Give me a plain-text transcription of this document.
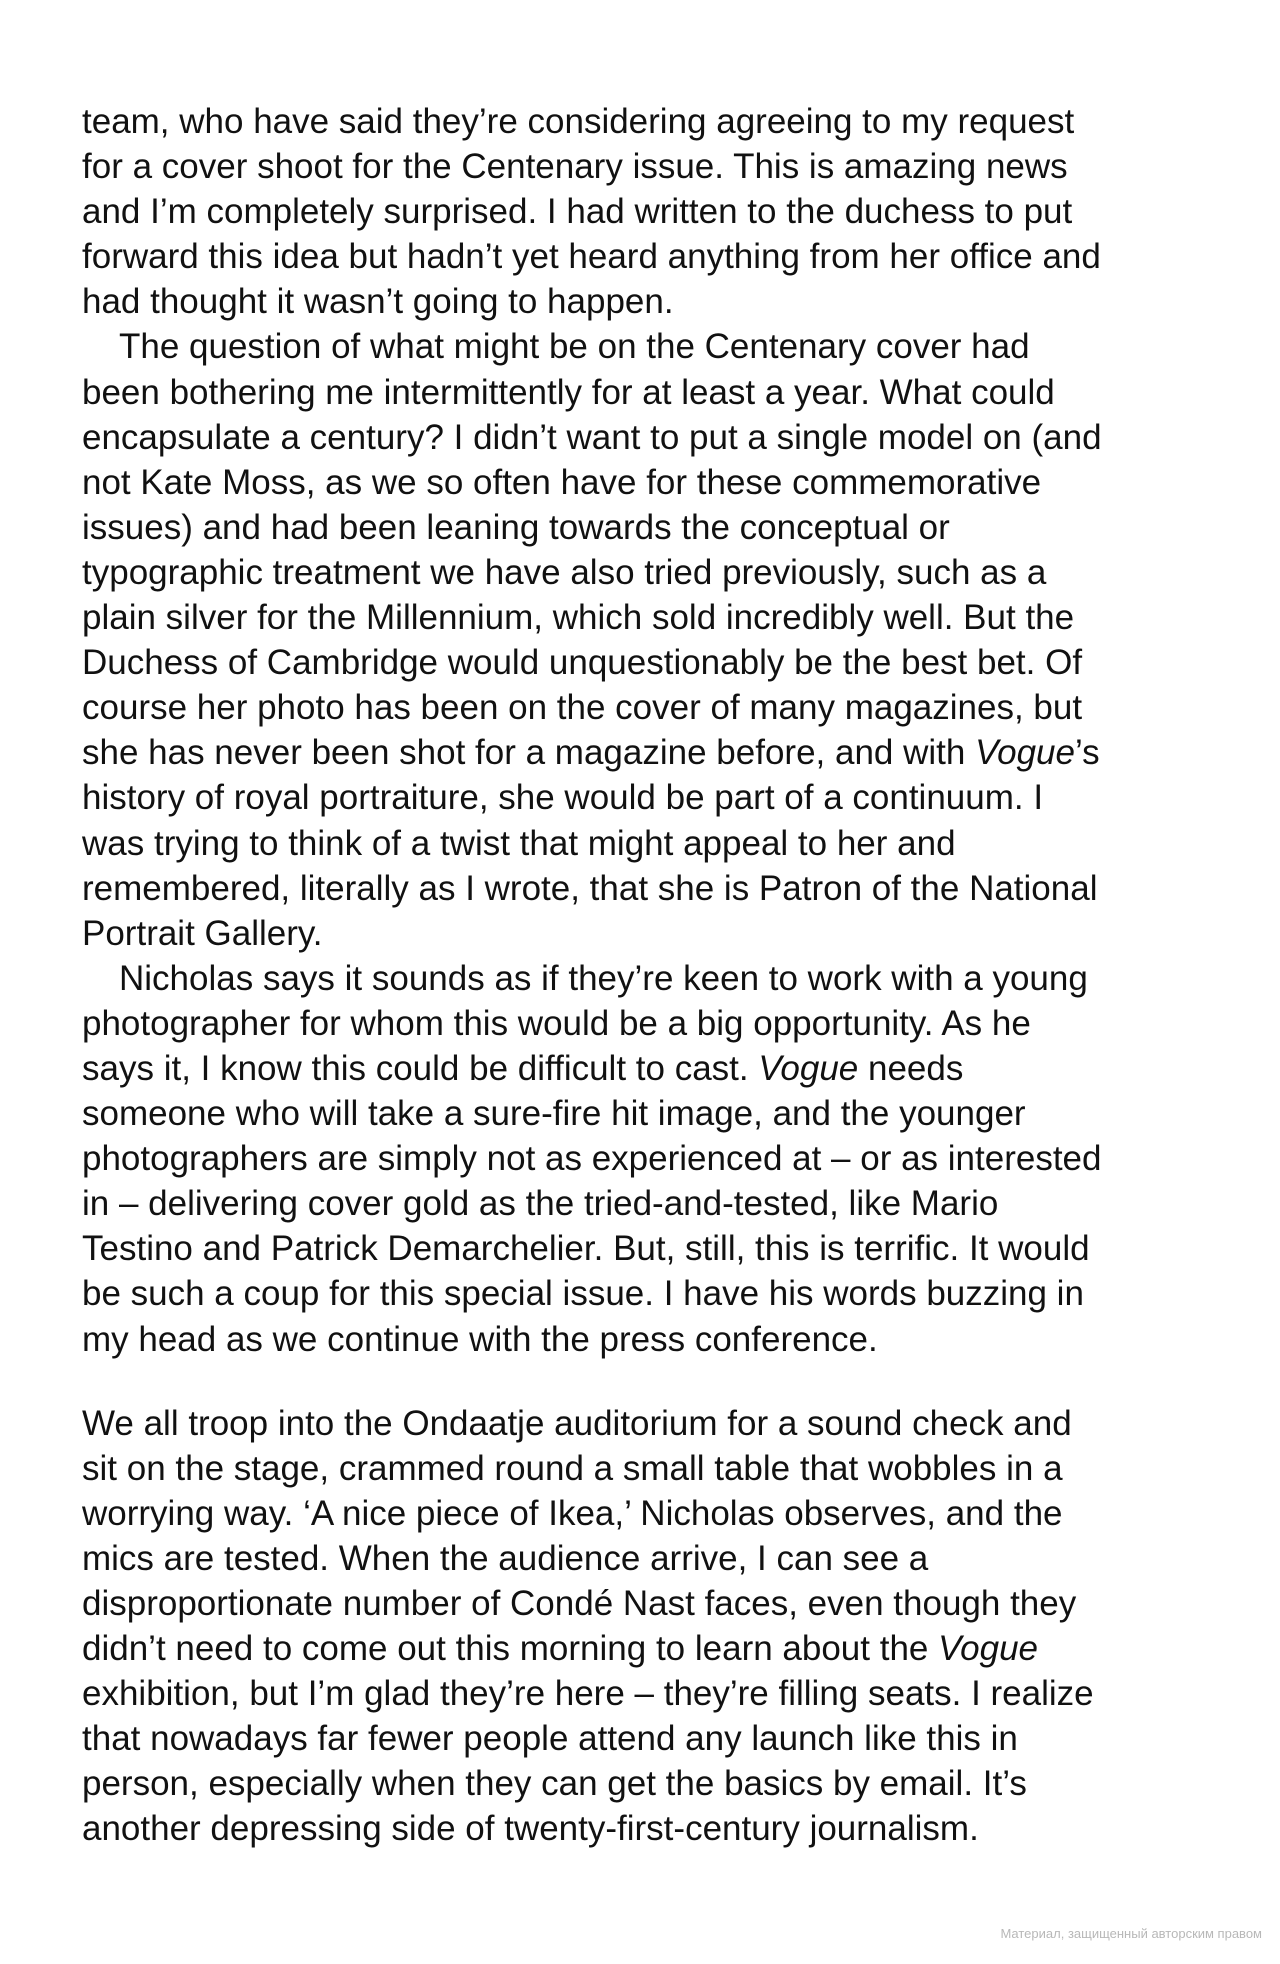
team, who have said they’re considering agreeing to my request
for a cover shoot for the Centenary issue. This is amazing news
and I’m completely surprised. I had written to the duchess to put
forward this idea but hadn’t yet heard anything from her office and
had thought it wasn’t going to happen.
The question of what might be on the Centenary cover had
been bothering me intermittently for at least a year. What could
encapsulate a century? I didn’t want to put a single model on (and
not Kate Moss, as we so often have for these commemorative
issues) and had been leaning towards the conceptual or
typographic treatment we have also tried previously, such as a
plain silver for the Millennium, which sold incredibly well. But the
Duchess of Cambridge would unquestionably be the best bet. Of
course her photo has been on the cover of many magazines, but
she has never been shot for a magazine before, and with Vogue’s
history of royal portraiture, she would be part of a continuum. I
was trying to think of a twist that might appeal to her and
remembered, literally as I wrote, that she is Patron of the National
Portrait Gallery.
Nicholas says it sounds as if they’re keen to work with a young
photographer for whom this would be a big opportunity. As he
says it, I know this could be difficult to cast. Vogue needs
someone who will take a sure-fire hit image, and the younger
photographers are simply not as experienced at – or as interested
in – delivering cover gold as the tried-and-tested, like Mario
Testino and Patrick Demarchelier. But, still, this is terrific. It would
be such a coup for this special issue. I have his words buzzing in
my head as we continue with the press conference.
We all troop into the Ondaatje auditorium for a sound check and
sit on the stage, crammed round a small table that wobbles in a
worrying way. ‘A nice piece of Ikea,’ Nicholas observes, and the
mics are tested. When the audience arrive, I can see a
disproportionate number of Condé Nast faces, even though they
didn’t need to come out this morning to learn about the Vogue
exhibition, but I’m glad they’re here – they’re filling seats. I realize
that nowadays far fewer people attend any launch like this in
person, especially when they can get the basics by email. It’s
another depressing side of twenty-first-century journalism.
Материал, защищенный авторским правом
